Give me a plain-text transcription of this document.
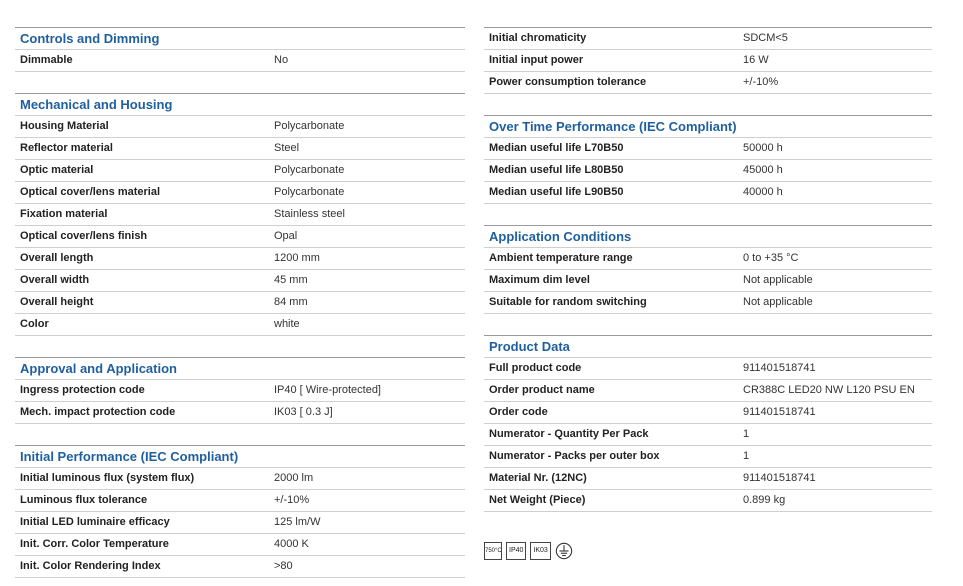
Controls and Dimming
Dimmable	No
Mechanical and Housing
Housing Material	Polycarbonate
Reflector material	Steel
Optic material	Polycarbonate
Optical cover/lens material	Polycarbonate
Fixation material	Stainless steel
Optical cover/lens finish	Opal
Overall length	1200 mm
Overall width	45 mm
Overall height	84 mm
Color	white
Approval and Application
Ingress protection code	IP40 [ Wire-protected]
Mech. impact protection code	IK03 [ 0.3 J]
Initial Performance (IEC Compliant)
Initial luminous flux (system flux)	2000 lm
Luminous flux tolerance	+/-10%
Initial LED luminaire efficacy	125 lm/W
Init. Corr. Color Temperature	4000 K
Init. Color Rendering Index	>80
Initial chromaticity	SDCM<5
Initial input power	16 W
Power consumption tolerance	+/-10%
Over Time Performance (IEC Compliant)
Median useful life L70B50	50000 h
Median useful life L80B50	45000 h
Median useful life L90B50	40000 h
Application Conditions
Ambient temperature range	0 to +35 °C
Maximum dim level	Not applicable
Suitable for random switching	Not applicable
Product Data
Full product code	911401518741
Order product name	CR388C LED20 NW L120 PSU EN
Order code	911401518741
Numerator - Quantity Per Pack	1
Numerator - Packs per outer box	1
Material Nr. (12NC)	911401518741
Net Weight (Piece)	0.899 kg
750°C	IP40	IK03
